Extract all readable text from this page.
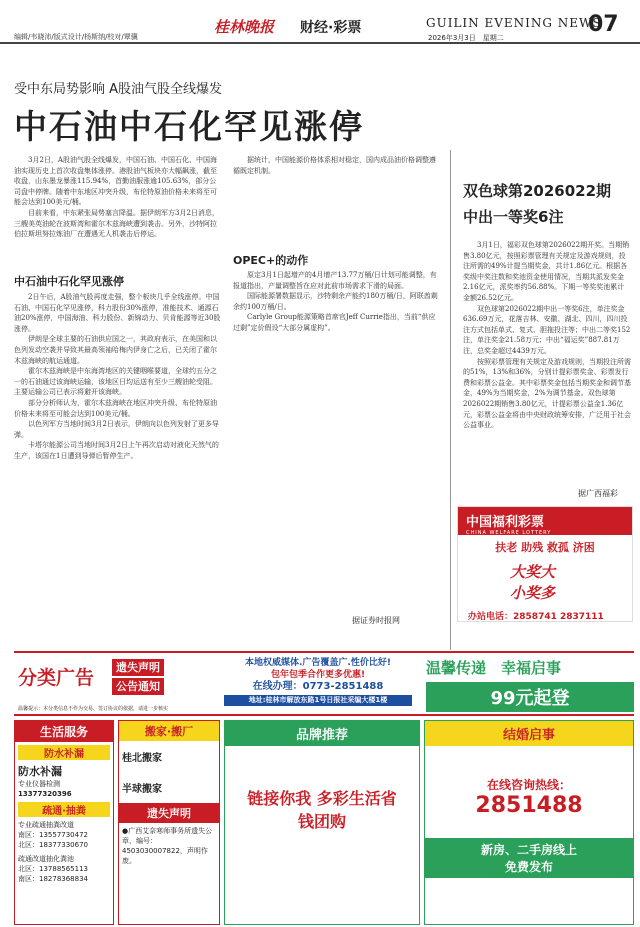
编辑/韦晓沛/版式设计/杨斯纳/校对/覃骥
桂林晚报 财经·彩票	GUILIN EVENING NEWS
2026年3月3日　星期二
07
受中东局势影响 A股油气股全线爆发
中石油中石化罕见涨停

3月2日，A股油气股全线爆发，中国石油、中国石化、中国海油实现历史上首次收盘集体涨停。港股油气板块亦大幅飙涨，截至收盘，山东墨龙暴涨115.94%，首勤油服涨逾105.63%，部分公司盘中停牌。随着中东地区冲突升级，布伦特原油价格未来将至可能会达到100美元/桶。

目前来看，中东紧张局势塞言降温。据伊朗军方3月2日消息，三艘美英油轮在波斯湾和霍尔木兹海峡遭到袭击。另外，沙特阿拉伯拉斯坦努拉炼油厂在遭遇无人机袭击后停运。

中石油中石化罕见涨停

2日午后，A股油气股再度走强，整个板块几乎全线涨停。中国石油、中国石化罕见涨停，科力股份30%涨停，准能技术、通源石油20%涨停，中国海油、科力股份、新锦动力、贝肯能源等近30股涨停。

伊朗是全球主要的石油供应国之一，其政府表示，在美国和以色列发动空袭并导致其最高领袖哈梅内伊身亡之后，已关闭了霍尔木兹海峡的航运通道。

霍尔木兹海峡是中东海湾地区的关键咽喉要道，全球约五分之一的石油通过该海峡运输，该地区日均运送有至少三艘油轮受阻。主要运输公司已表示将避开该海峡。

部分分析师认为，霍尔木兹海峡在地区冲突升级、布伦特原油价格未来将至可能会达到100美元/桶。

以色列军方当地时间3月2日表示，伊朗向以色列发射了更多导弹。

卡塔尔能源公司当地时间3月2日上午再次启动对液化天然气的生产，该国在1日遭到导弹后暂停生产。

据统计，中国能源价格体系相对稳定，国内成品油价格调整遵循既定机制。

OPEC+的动作

原定3月1日起增产的4月增产13.77万桶/日计划可能调整，有报道指出，产量调整旨在应对此前市场需求下滑的局面。

国际能源署数据显示，沙特剩余产能约180万桶/日，阿联酋剩余约100万桶/日。

Carlyle Group能源策略首席官Jeff Currie指出，当前“供应过剩”定价假设“大部分属虚构”。

据证券时报网
双色球第2026022期
中出一等奖6注

3月1日，福彩双色球第2026022期开奖。当期销售3.80亿元，按照彩票管理有关规定及游戏规则，投注所需的49%计提当期奖金，共计1.86亿元。根据各奖级中奖注数和奖池资金使用情况，当期共派发奖金2.16亿元，派奖率约56.88%。下期一等奖奖池累计金额26.52亿元。

双色球第2026022期中出一等奖6注，单注奖金636.69万元，花落吉林、安徽、湖北、四川，四川投注方式包括单式、复式、胆拖投注等；中出二等奖152注，单注奖金21.58万元；中出“福运奖”887.81万注，总奖金超过4439万元。

按照彩票管理有关规定及游戏规则，当期投注所需的51%，13%和36%，分别计提彩票奖金、彩票发行费和彩票公益金。其中彩票奖金包括当期奖金和调节基金，49%为当期奖金，2%为调节基金。双色球第2026022期销售3.80亿元，计提彩票公益金1.36亿元，彩票公益金将由中央财政统筹安排，广泛用于社会公益事业。

据广西福彩
中国福利彩票
CHINA WELFARE LOTTERY
扶老 助残 救孤 济困
大奖大
小奖多
办站电话：2858741 2837111
分类广告	遗失声明
公告通知
温馨提示：本分类信息不作为交易、签订协议的依据，请进一步核实
本地权威媒体.广告覆盖广.性价比好!
包年包季合作更多优惠!
在线办理：0773-2851488
地址:桂林市解放东路1号日报社采编大楼1楼
温馨传递　 幸福启事
99元起登
生活服务
防水补漏
防水补漏
专业仪器检测
13377320396
疏通·抽粪
专业疏通抽粪改道
南区：13557730472
北区：18377330670
疏通改道抽化粪池
北区：13788565113
南区：18278368834
搬家·搬厂
桂北搬家
半球搬家
遗失声明
●广西艾奈寒师事务所遗失公章，编号：4503030007822，声明作废。
品牌推荐
链接你我 多彩生活省钱团购
结婚启事
在线咨询热线：
2851488
新房、二手房线上
免费发布
